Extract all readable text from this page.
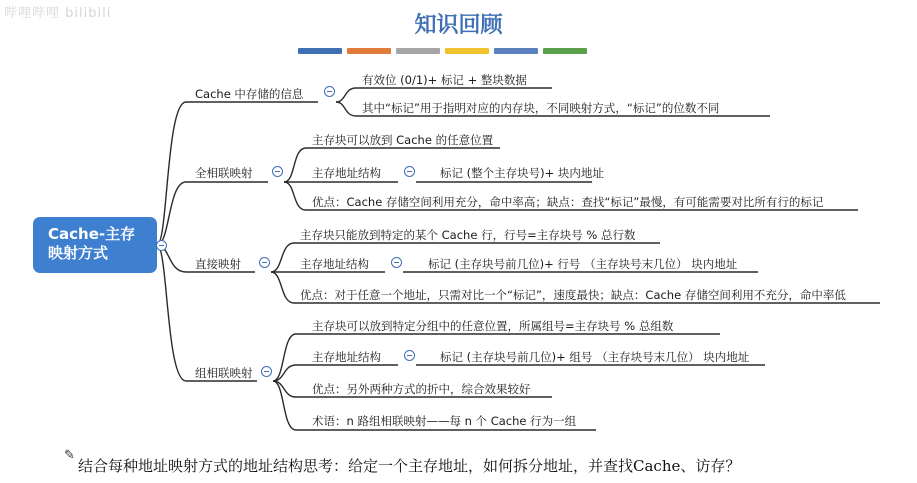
哔哩哔哩 bilibili	知识回顾
Cache-主存
映射方式
Cache 中存储的信息
有效位 (0/1)+ 标记 + 整块数据
其中“标记”用于指明对应的内存块，不同映射方式，“标记”的位数不同
全相联映射
主存块可以放到 Cache 的任意位置
主存地址结构	标记 (整个主存块号)+ 块内地址
优点：Cache 存储空间利用充分，命中率高；缺点：查找“标记”最慢，有可能需要对比所有行的标记
直接映射
主存块只能放到特定的某个 Cache 行，行号=主存块号 % 总行数
主存地址结构	标记 (主存块号前几位)+ 行号 （主存块号末几位） 块内地址
优点：对于任意一个地址，只需对比一个“标记”，速度最快；缺点：Cache 存储空间利用不充分，命中率低
组相联映射
主存块可以放到特定分组中的任意位置，所属组号=主存块号 % 总组数
主存地址结构	标记 (主存块号前几位)+ 组号 （主存块号末几位） 块内地址
优点：另外两种方式的折中，综合效果较好
术语：n 路组相联映射——每 n 个 Cache 行为一组
✎
结合每种地址映射方式的地址结构思考：给定一个主存地址，如何拆分地址，并查找Cache、访存？
